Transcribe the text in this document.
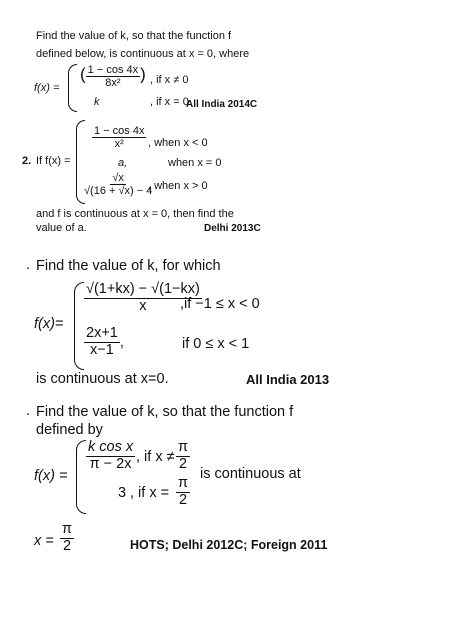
Find the value of k, so that the function f
defined below, is continuous at x = 0, where
f(x) =
( $\frac{1 - \cos 4x}{\text{8x²}}$ ) , if x ≠ 0
k	, if x = 0
All India 2014C
2. If f(x) =
$\frac{1 - \cos 4x}{\text{x²}}$ , when x < 0
a,	when x = 0
$\frac{√x}{√(16 + √x) - 4}$
, when x > 0
and f is continuous at x = 0, then find the
value of a.	Delhi 2013C
. Find the value of k, for which
f(x)=
$\frac{√(1+kx) - √(1-kx)}{x}$
,if −1 ≤ x < 0
$\frac{2x+1}{x-1}$ ,	if 0 ≤ x < 1
is continuous at x=0.	All India 2013
. Find the value of k, so that the function f
defined by
f(x) =
$\frac{\text{k cos x}}{\pi - 2x}$ , if $x \ne \frac{\pi}{2}$
is continuous at
3 , if $x = \frac{\pi}{2}$
$x = \frac{\pi}{2}$	HOTS; Delhi 2012C; Foreign 2011
